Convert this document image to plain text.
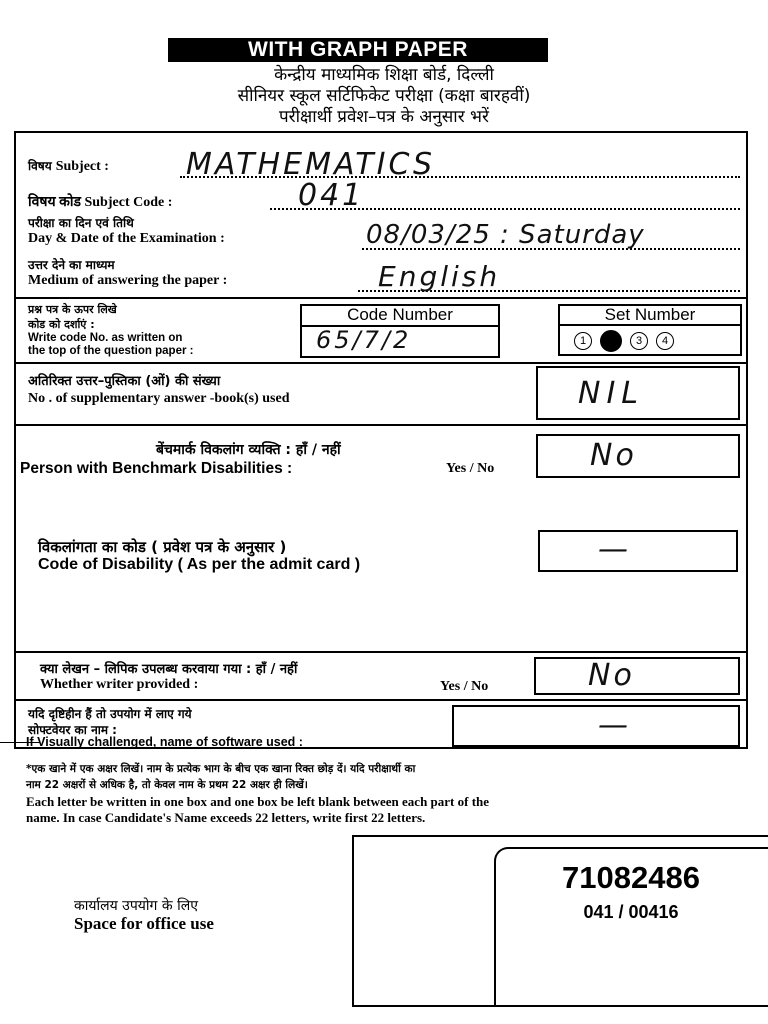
WITH GRAPH PAPER
केन्द्रीय माध्यमिक शिक्षा बोर्ड, दिल्ली
सीनियर स्कूल सर्टिफिकेट परीक्षा (कक्षा बारहवीं)
परीक्षार्थी प्रवेश–पत्र के अनुसार भरें
विषय Subject :	MATHEMATICS
विषय कोड Subject Code :	041
परीक्षा का दिन एवं तिथि
Day & Date of the Examination :	08/03/25 : Saturday
उत्तर देने का माध्यम
Medium of answering the paper :	English
प्रश्न पत्र के ऊपर लिखे
कोड को दर्शाएं :
Write code No. as written on
the top of the question paper :
Code Number
65/7/2
Set Number
1 2 3 4
अतिरिक्त उत्तर–पुस्तिका (ओं) की संख्या
No . of supplementary answer -book(s) used	NIL
बेंचमार्क विकलांग व्यक्ति : हाँ / नहीं
Person with Benchmark Disabilities :	Yes / No	No
विकलांगता का कोड ( प्रवेश पत्र के अनुसार )
Code of Disability ( As per the admit card )	—
क्या लेखन – लिपिक उपलब्ध करवाया गया : हाँ / नहीं
Whether writer provided :	Yes / No	No
यदि दृष्टिहीन हैं तो उपयोग में लाए गये
सोफ्टवेयर का नाम :
If Visually challenged, name of software used :	—
*एक खाने में एक अक्षर लिखें। नाम के प्रत्येक भाग के बीच एक खाना रिक्त छोड़ दें। यदि परीक्षार्थी का
नाम 22 अक्षरों से अधिक है, तो केवल नाम के प्रथम 22 अक्षर ही लिखें।
Each letter be written in one box and one box be left blank between each part of the
name. In case Candidate's Name exceeds 22 letters, write first 22 letters.
कार्यालय उपयोग के लिए
Space for office use
71082486
041 / 00416
